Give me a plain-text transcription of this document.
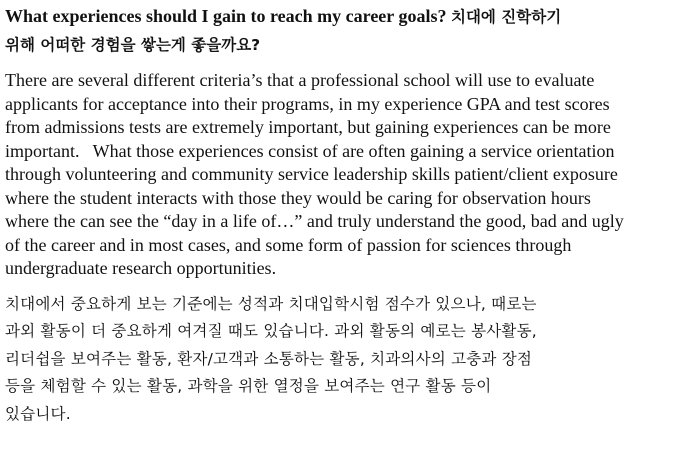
What experiences should I gain to reach my career goals? 치대에 진학하기
위해 어떠한 경험을 쌓는게 좋을까요?

There are several different criteria’s that a professional school will use to evaluate
applicants for acceptance into their programs, in my experience GPA and test scores
from admissions tests are extremely important, but gaining experiences can be more
important.   What those experiences consist of are often gaining a service orientation
through volunteering and community service leadership skills patient/client exposure
where the student interacts with those they would be caring for observation hours
where the can see the “day in a life of…” and truly understand the good, bad and ugly
of the career and in most cases, and some form of passion for sciences through
undergraduate research opportunities.

치대에서 중요하게 보는 기준에는 성적과 치대입학시험 점수가 있으나, 때로는
과외 활동이 더 중요하게 여겨질 때도 있습니다. 과외 활동의 예로는 봉사활동,
리더쉽을 보여주는 활동, 환자/고객과 소통하는 활동, 치과의사의 고충과 장점
등을 체험할 수 있는 활동, 과학을 위한 열정을 보여주는 연구 활동 등이
있습니다.
